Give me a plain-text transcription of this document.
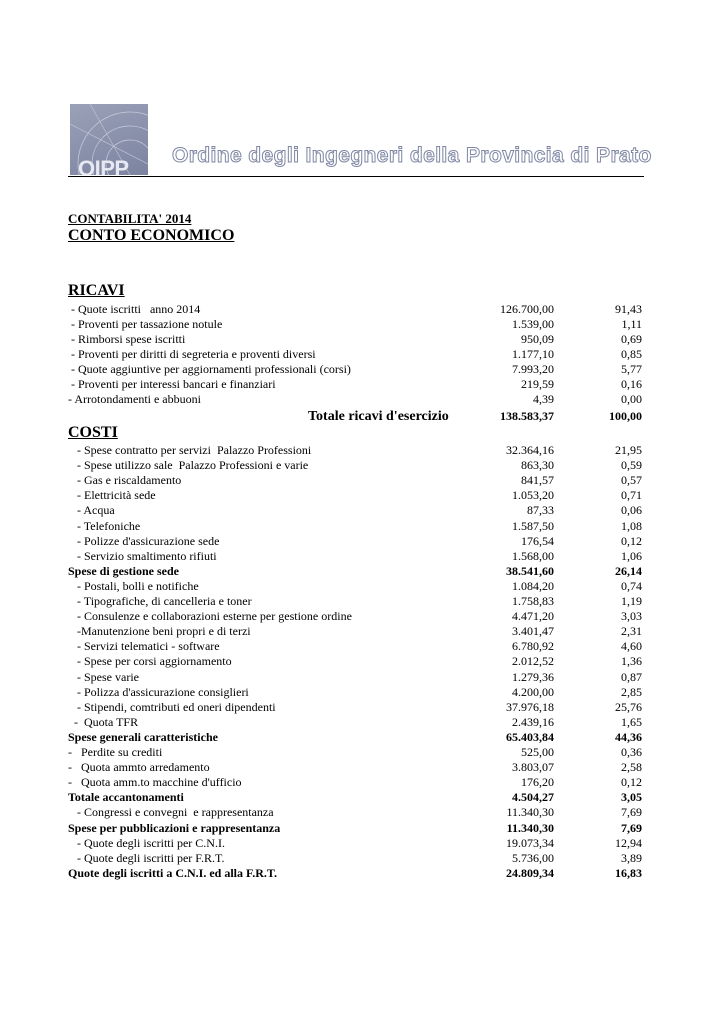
OIPP
Ordine degli Ingegneri della Provincia di Prato
CONTABILITA' 2014
CONTO ECONOMICO
RICAVI
- Quote iscritti   anno 2014	126.700,00	91,43
- Proventi per tassazione notule	1.539,00	1,11
- Rimborsi spese iscritti	950,09	0,69
- Proventi per diritti di segreteria e proventi diversi	1.177,10	0,85
- Quote aggiuntive per aggiornamenti professionali (corsi)	7.993,20	5,77
- Proventi per interessi bancari e finanziari	219,59	0,16
- Arrotondamenti e abbuoni	4,39	0,00
Totale ricavi d'esercizio	138.583,37	100,00
COSTI
- Spese contratto per servizi  Palazzo Professioni	32.364,16	21,95
- Spese utilizzo sale  Palazzo Professioni e varie	863,30	0,59
- Gas e riscaldamento	841,57	0,57
- Elettricità sede	1.053,20	0,71
- Acqua	87,33	0,06
- Telefoniche	1.587,50	1,08
- Polizze d'assicurazione sede	176,54	0,12
- Servizio smaltimento rifiuti	1.568,00	1,06
Spese di gestione sede	38.541,60	26,14
- Postali, bolli e notifiche	1.084,20	0,74
- Tipografiche, di cancelleria e toner	1.758,83	1,19
- Consulenze e collaborazioni esterne per gestione ordine	4.471,20	3,03
-Manutenzione beni propri e di terzi	3.401,47	2,31
- Servizi telematici - software	6.780,92	4,60
- Spese per corsi aggiornamento	2.012,52	1,36
- Spese varie	1.279,36	0,87
- Polizza d'assicurazione consiglieri	4.200,00	2,85
- Stipendi, comtributi ed oneri dipendenti	37.976,18	25,76
-  Quota TFR	2.439,16	1,65
Spese generali caratteristiche	65.403,84	44,36
-   Perdite su crediti	525,00	0,36
-   Quota ammto arredamento	3.803,07	2,58
-   Quota amm.to macchine d'ufficio	176,20	0,12
Totale accantonamenti	4.504,27	3,05
- Congressi e convegni  e rappresentanza	11.340,30	7,69
Spese per pubblicazioni e rappresentanza	11.340,30	7,69
- Quote degli iscritti per C.N.I.	19.073,34	12,94
- Quote degli iscritti per F.R.T.	5.736,00	3,89
Quote degli iscritti a C.N.I. ed alla F.R.T.	24.809,34	16,83
